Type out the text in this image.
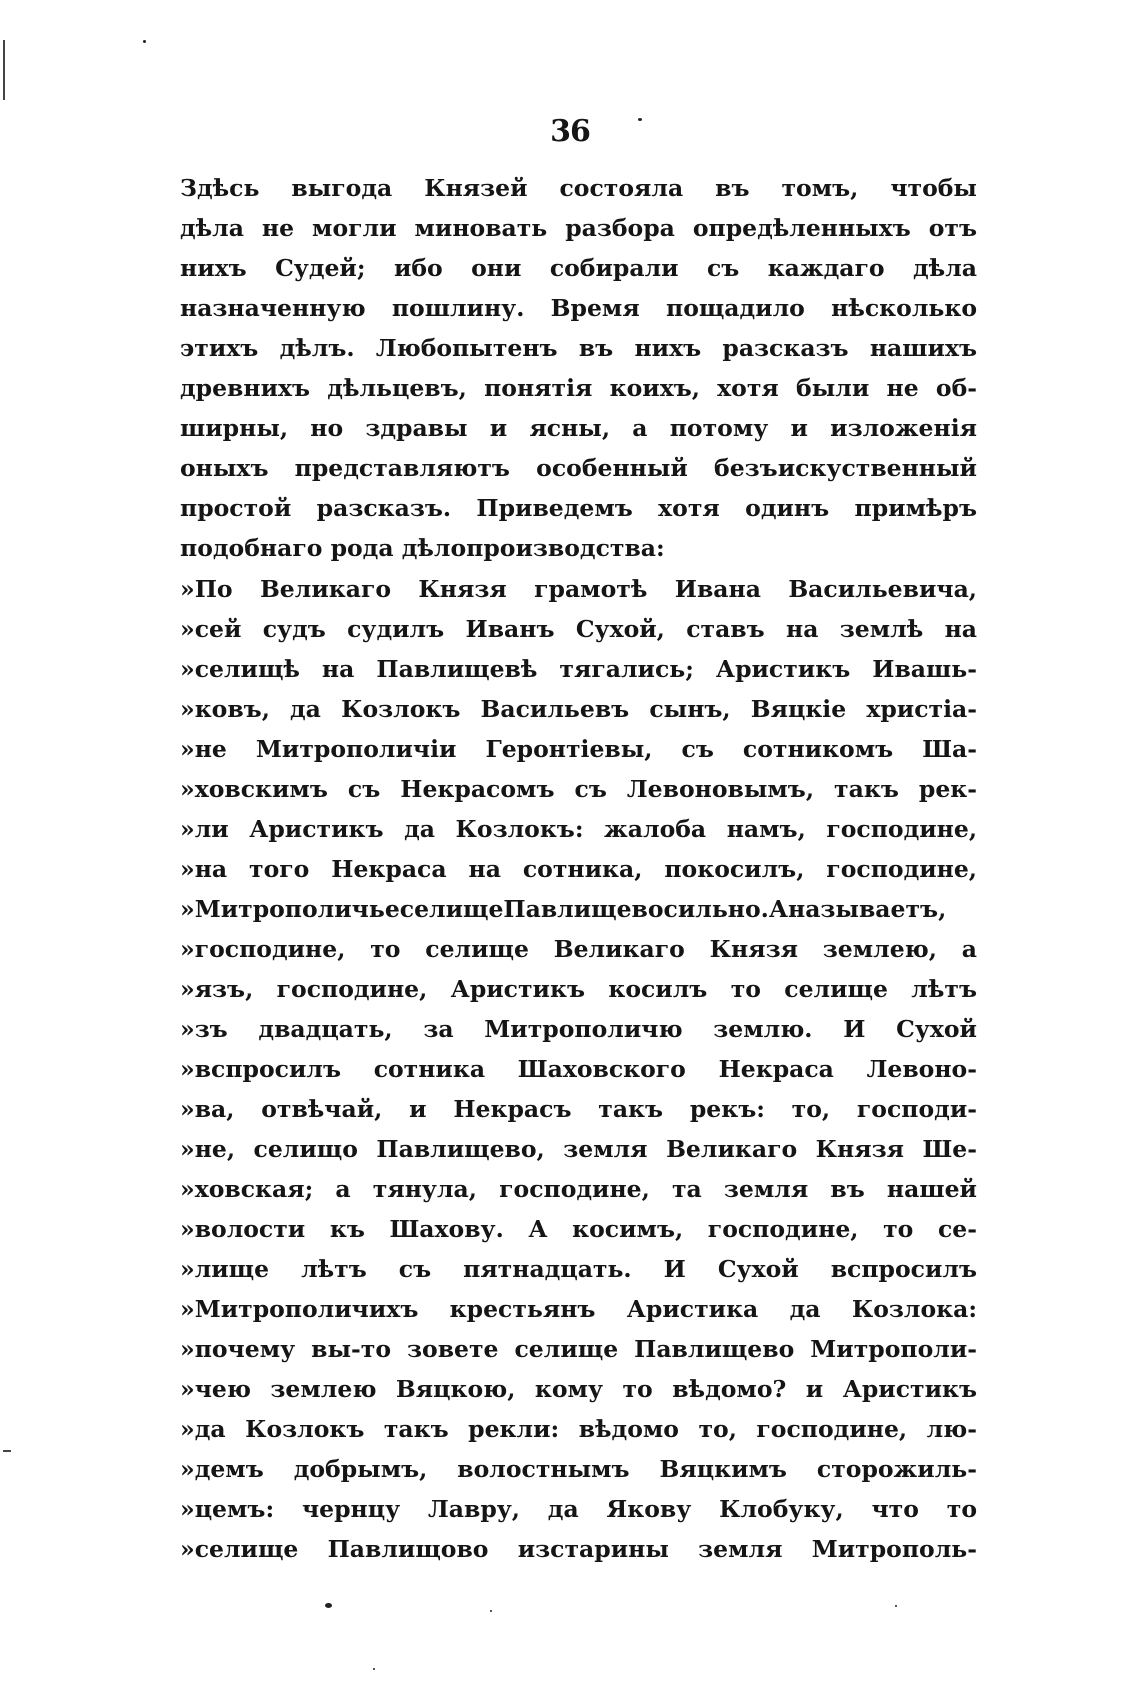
36
Здѣсь выгода Князей состояла въ томъ, чтобы
дѣла не могли миновать разбора опредѣленныхъ отъ
нихъ Судей; ибо они собирали съ каждаго дѣла
назначенную пошлину. Время пощадило нѣсколько
этихъ дѣлъ. Любопытенъ въ нихъ разсказъ нашихъ
древнихъ дѣльцевъ, понятія коихъ, хотя были не об-
ширны, но здравы и ясны, а потому и изложенія
оныхъ представляютъ особенный безъискуственный
простой разсказъ. Приведемъ хотя одинъ примѣръ
подобнаго рода дѣлопроизводства:
»По Великаго Князя грамотѣ Ивана Васильевича,
»сей судъ судилъ Иванъ Сухой, ставъ на землѣ на
»селищѣ на Павлищевѣ тягались; Аристикъ Ивашь-
»ковъ, да Козлокъ Васильевъ сынъ, Вяцкіе христіа-
»не Митрополичіи Геронтіевы, съ сотникомъ Ша-
»ховскимъ съ Некрасомъ съ Левоновымъ, такъ рек-
»ли Аристикъ да Козлокъ: жалоба намъ, господине,
»на того Некраса на сотника, покосилъ, господине,
»МитрополичьеселищеПавлищевосильно.Аназываетъ,
»господине, то селище Великаго Князя землею, а
»язъ, господине, Аристикъ косилъ то селище лѣтъ
»зъ двадцать, за Митрополичю землю. И Сухой
»вспросилъ сотника Шаховского Некраса Левоно-
»ва, отвѣчай, и Некрасъ такъ рекъ: то, господи-
»не, селищо Павлищево, земля Великаго Князя Ше-
»ховская; а тянула, господине, та земля въ нашей
»волости къ Шахову. А косимъ, господине, то се-
»лище лѣтъ съ пятнадцать. И Сухой вспросилъ
»Митрополичихъ крестьянъ Аристика да Козлока:
»почему вы-то зовете селище Павлищево Митрополи-
»чею землею Вяцкою, кому то вѣдомо? и Аристикъ
»да Козлокъ такъ рекли: вѣдомо то, господине, лю-
»демъ добрымъ, волостнымъ Вяцкимъ сторожиль-
»цемъ: чернцу Лавру, да Якову Клобуку, что то
»селище Павлищово изстарины земля Митрополь-
